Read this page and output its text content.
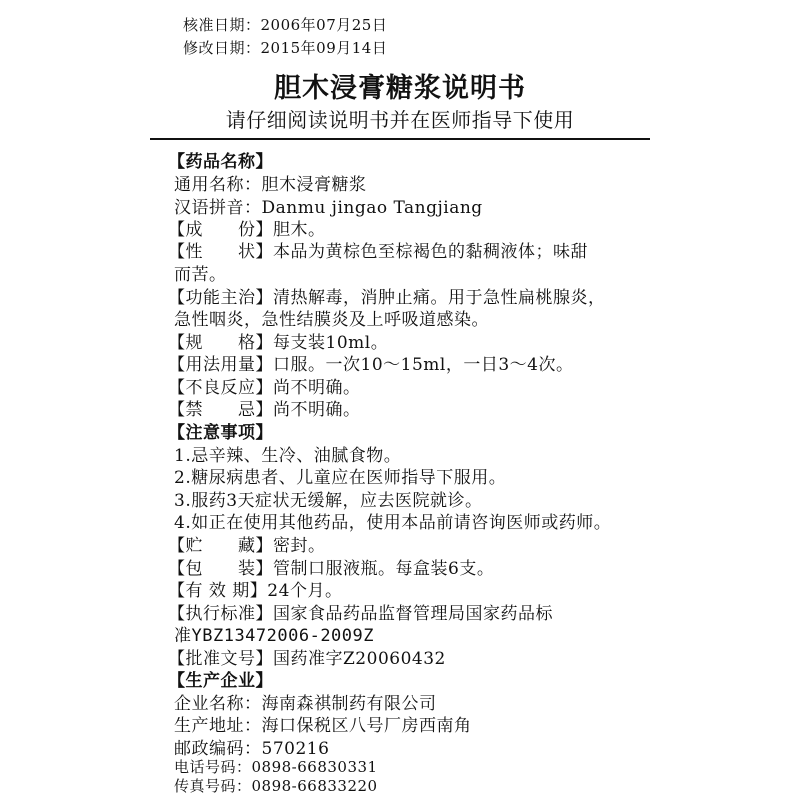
核准日期：2006年07月25日
修改日期：2015年09月14日
胆木浸膏糖浆说明书
请仔细阅读说明书并在医师指导下使用
【药品名称】
通用名称：胆木浸膏糖浆
汉语拼音：Danmu jingao Tangjiang
【成　　份】胆木。
【性　　状】本品为黄棕色至棕褐色的黏稠液体；味甜
而苦。
【功能主治】清热解毒，消肿止痛。用于急性扁桃腺炎，
急性咽炎，急性结膜炎及上呼吸道感染。
【规　　格】每支装10ml。
【用法用量】口服。一次10～15ml，一日3～4次。
【不良反应】尚不明确。
【禁　　忌】尚不明确。
【注意事项】
1.忌辛辣、生冷、油腻食物。
2.糖尿病患者、儿童应在医师指导下服用。
3.服药3天症状无缓解，应去医院就诊。
4.如正在使用其他药品，使用本品前请咨询医师或药师。
【贮　　藏】密封。
【包　　装】管制口服液瓶。每盒装6支。
【有 效 期】24个月。
【执行标准】国家食品药品监督管理局国家药品标
准YBZ13472006-2009Z
【批准文号】国药准字Z20060432
【生产企业】
企业名称：海南森祺制药有限公司
生产地址：海口保税区八号厂房西南角
邮政编码：570216
电话号码：0898-66830331
传真号码：0898-66833220
